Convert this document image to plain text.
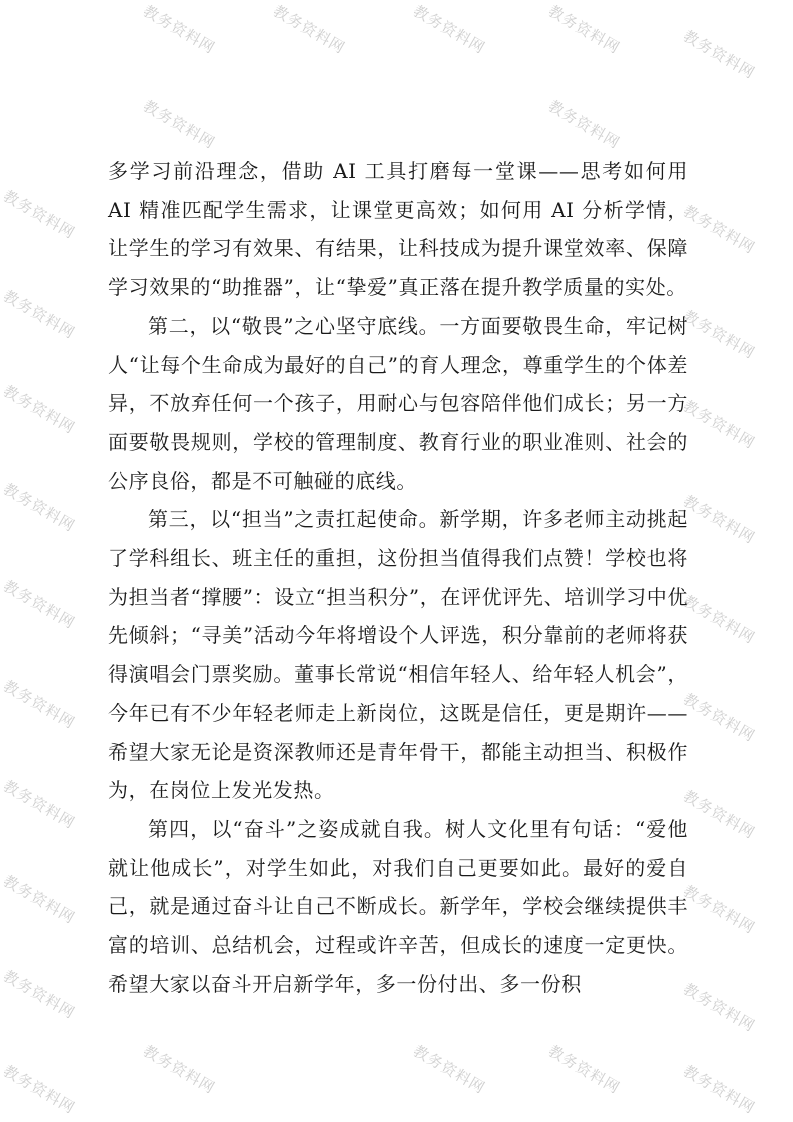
教务资料网	教务资料网	教务资料网	教务资料网	教务资料网
教务资料网	教务资料网
教务资料网	教务资料网
教务资料网	教务资料网
教务资料网	教务资料网
教务资料网	教务资料网
教务资料网	教务资料网
教务资料网	教务资料网
教务资料网	教务资料网
教务资料网	教务资料网
教务资料网	教务资料网
教务资料网	教务资料网	教务资料网	教务资料网	教务资料网

多学习前沿理念，借助 AI 工具打磨每一堂课——思考如何用 AI 精准匹配学生需求，让课堂更高效；如何用 AI 分析学情，让学生的学习有效果、有结果，让科技成为提升课堂效率、保障学习效果的“助推器”，让“挚爱”真正落在提升教学质量的实处。

第二，以“敬畏”之心坚守底线。一方面要敬畏生命，牢记树人“让每个生命成为最好的自己”的育人理念，尊重学生的个体差异，不放弃任何一个孩子，用耐心与包容陪伴他们成长；另一方面要敬畏规则，学校的管理制度、教育行业的职业准则、社会的公序良俗，都是不可触碰的底线。

第三，以“担当”之责扛起使命。新学期，许多老师主动挑起了学科组长、班主任的重担，这份担当值得我们点赞！学校也将为担当者“撑腰”：设立“担当积分”，在评优评先、培训学习中优先倾斜；“寻美”活动今年将增设个人评选，积分靠前的老师将获得演唱会门票奖励。董事长常说“相信年轻人、给年轻人机会”，今年已有不少年轻老师走上新岗位，这既是信任，更是期许——希望大家无论是资深教师还是青年骨干，都能主动担当、积极作为，在岗位上发光发热。

第四，以“奋斗”之姿成就自我。树人文化里有句话：“爱他就让他成长”，对学生如此，对我们自己更要如此。最好的爱自己，就是通过奋斗让自己不断成长。新学年，学校会继续提供丰富的培训、总结机会，过程或许辛苦，但成长的速度一定更快。希望大家以奋斗开启新学年，多一份付出、多一份积
